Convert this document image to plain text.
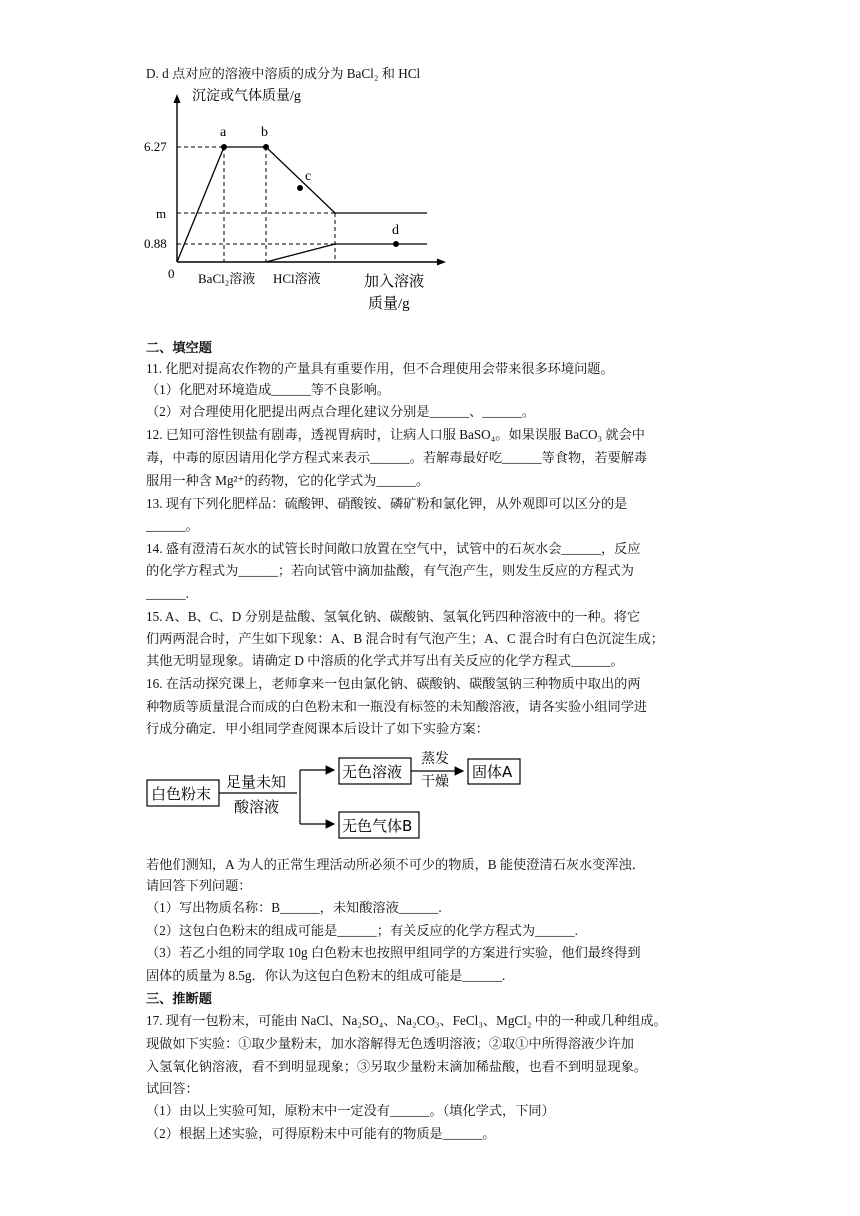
D. d 点对应的溶液中溶质的成分为 BaCl₂ 和 HCl
沉淀或气体质量/g
6.27
m
0.88
0
a b
c
d
BaCl₂溶液 HCl溶液	加入溶液
质量/g
二、填空题
11. 化肥对提高农作物的产量具有重要作用，但不合理使用会带来很多环境问题。
（1）化肥对环境造成______等不良影响。
（2）对合理使用化肥提出两点合理化建议分别是______、______。
12. 已知可溶性钡盐有剧毒，透视胃病时，让病人口服 BaSO₄。如果误服 BaCO₃ 就会中
毒，中毒的原因请用化学方程式来表示______。若解毒最好吃______等食物，若要解毒
服用一种含 Mg²⁺的药物，它的化学式为______。
13. 现有下列化肥样品：硫酸钾、硝酸铵、磷矿粉和氯化钾，从外观即可以区分的是
______。
14. 盛有澄清石灰水的试管长时间敞口放置在空气中，试管中的石灰水会______，反应
的化学方程式为______；若向试管中滴加盐酸，有气泡产生，则发生反应的方程式为
______.
15. A、B、C、D 分别是盐酸、氢氧化钠、碳酸钠、氢氧化钙四种溶液中的一种。将它
们两两混合时，产生如下现象：A、B 混合时有气泡产生；A、C 混合时有白色沉淀生成；
其他无明显现象。请确定 D 中溶质的化学式并写出有关反应的化学方程式______。
16. 在活动探究课上，老师拿来一包由氯化钠、碳酸钠、碳酸氢钠三种物质中取出的两
种物质等质量混合而成的白色粉末和一瓶没有标签的未知酸溶液，请各实验小组同学进
行成分确定．甲小组同学查阅课本后设计了如下实验方案：
白色粉末
足量未知
酸溶液
无色溶液
蒸发
干燥
固体A
无色气体B
若他们测知，A 为人的正常生理活动所必须不可少的物质，B 能使澄清石灰水变浑浊．
请回答下列问题：
（1）写出物质名称：B______，未知酸溶液______.
（2）这包白色粉末的组成可能是______；有关反应的化学方程式为______.
（3）若乙小组的同学取 10g 白色粉末也按照甲组同学的方案进行实验，他们最终得到
固体的质量为 8.5g．你认为这包白色粉末的组成可能是______.
三、推断题
17. 现有一包粉末，可能由 NaCl、Na₂SO₄、Na₂CO₃、FeCl₃、MgCl₂ 中的一种或几种组成。
现做如下实验：①取少量粉末，加水溶解得无色透明溶液；②取①中所得溶液少许加
入氢氧化钠溶液，看不到明显现象；③另取少量粉末滴加稀盐酸，也看不到明显现象。
试回答：
（1）由以上实验可知，原粉末中一定没有______。（填化学式，下同）
（2）根据上述实验，可得原粉末中可能有的物质是______。
